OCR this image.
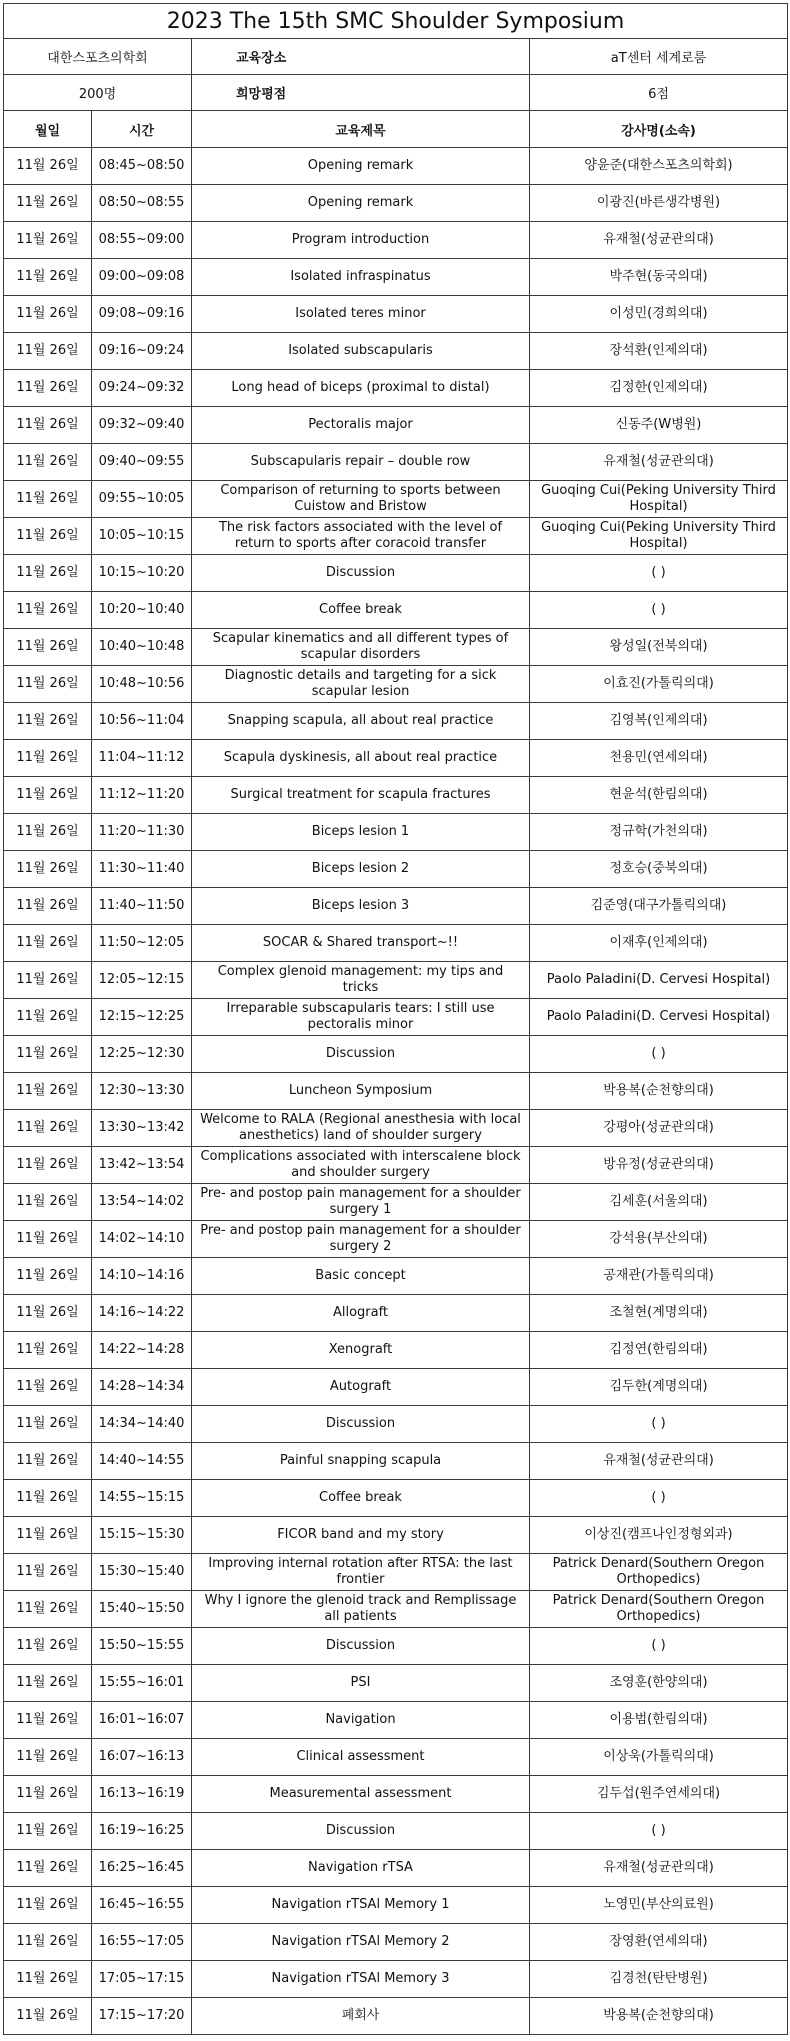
2023 The 15th SMC Shoulder Symposium			
대한스포츠의학회		교육장소	aT센터 세계로룸
200명		희망평점	6점
월일	시간	교육제목	강사명(소속)
11월 26일	08:45~08:50	Opening remark	양윤준(대한스포츠의학회)
11월 26일	08:50~08:55	Opening remark	이광진(바른생각병원)
11월 26일	08:55~09:00	Program introduction	유재철(성균관의대)
11월 26일	09:00~09:08	Isolated infraspinatus	박주현(동국의대)
11월 26일	09:08~09:16	Isolated teres minor	이성민(경희의대)
11월 26일	09:16~09:24	Isolated subscapularis	장석환(인제의대)
11월 26일	09:24~09:32	Long head of biceps (proximal to distal)	김정한(인제의대)
11월 26일	09:32~09:40	Pectoralis major	신동주(W병원)
11월 26일	09:40~09:55	Subscapularis repair – double row	유재철(성균관의대)
11월 26일	09:55~10:05	Comparison of returning to sports between Cuistow and Bristow	Guoqing Cui(Peking University Third Hospital)
11월 26일	10:05~10:15	The risk factors associated with the level of return to sports after coracoid transfer	Guoqing Cui(Peking University Third Hospital)
11월 26일	10:15~10:20	Discussion	( )
11월 26일	10:20~10:40	Coffee break	( )
11월 26일	10:40~10:48	Scapular kinematics and all different types of scapular disorders	왕성일(전북의대)
11월 26일	10:48~10:56	Diagnostic details and targeting for a sick scapular lesion	이효진(가톨릭의대)
11월 26일	10:56~11:04	Snapping scapula, all about real practice	김영복(인제의대)
11월 26일	11:04~11:12	Scapula dyskinesis, all about real practice	천용민(연세의대)
11월 26일	11:12~11:20	Surgical treatment for scapula fractures	현윤석(한림의대)
11월 26일	11:20~11:30	Biceps lesion 1	정규학(가천의대)
11월 26일	11:30~11:40	Biceps lesion 2	정호승(중북의대)
11월 26일	11:40~11:50	Biceps lesion 3	김준영(대구가톨릭의대)
11월 26일	11:50~12:05	SOCAR & Shared transport~!!	이재후(인제의대)
11월 26일	12:05~12:15	Complex glenoid management: my tips and tricks	Paolo Paladini(D. Cervesi Hospital)
11월 26일	12:15~12:25	Irreparable subscapularis tears: I still use pectoralis minor	Paolo Paladini(D. Cervesi Hospital)
11월 26일	12:25~12:30	Discussion	( )
11월 26일	12:30~13:30	Luncheon Symposium	박용복(순천향의대)
11월 26일	13:30~13:42	Welcome to RALA (Regional anesthesia with local anesthetics) land of shoulder surgery	강평아(성균관의대)
11월 26일	13:42~13:54	Complications associated with interscalene block and shoulder surgery	방유정(성균관의대)
11월 26일	13:54~14:02	Pre- and postop pain management for a shoulder surgery 1	김세훈(서울의대)
11월 26일	14:02~14:10	Pre- and postop pain management for a shoulder surgery 2	강석용(부산의대)
11월 26일	14:10~14:16	Basic concept	공재관(가톨릭의대)
11월 26일	14:16~14:22	Allograft	조철현(계명의대)
11월 26일	14:22~14:28	Xenograft	김정연(한림의대)
11월 26일	14:28~14:34	Autograft	김두한(계명의대)
11월 26일	14:34~14:40	Discussion	( )
11월 26일	14:40~14:55	Painful snapping scapula	유재철(성균관의대)
11월 26일	14:55~15:15	Coffee break	( )
11월 26일	15:15~15:30	FICOR band and my story	이상진(캠프나인정형외과)
11월 26일	15:30~15:40	Improving internal rotation after RTSA: the last frontier	Patrick Denard(Southern Oregon Orthopedics)
11월 26일	15:40~15:50	Why I ignore the glenoid track and Remplissage all patients	Patrick Denard(Southern Oregon Orthopedics)
11월 26일	15:50~15:55	Discussion	( )
11월 26일	15:55~16:01	PSI	조영훈(한양의대)
11월 26일	16:01~16:07	Navigation	이용범(한림의대)
11월 26일	16:07~16:13	Clinical assessment	이상욱(가톨릭의대)
11월 26일	16:13~16:19	Measuremental assessment	김두섭(원주연세의대)
11월 26일	16:19~16:25	Discussion	( )
11월 26일	16:25~16:45	Navigation rTSA	유재철(성균관의대)
11월 26일	16:45~16:55	Navigation rTSAl Memory 1	노영민(부산의료원)
11월 26일	16:55~17:05	Navigation rTSAl Memory 2	장영환(연세의대)
11월 26일	17:05~17:15	Navigation rTSAl Memory 3	김경천(탄탄병원)
11월 26일	17:15~17:20	폐회사	박용복(순천향의대)
